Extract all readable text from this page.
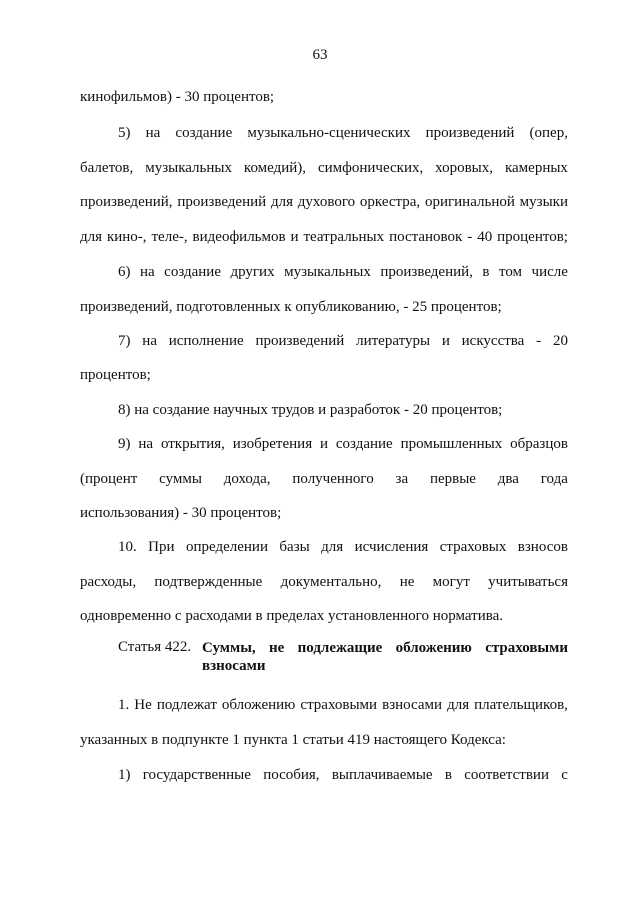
63
кинофильмов) - 30 процентов;
5) на создание музыкально-сценических произведений (опер,
балетов, музыкальных комедий), симфонических, хоровых, камерных
произведений, произведений для духового оркестра, оригинальной музыки
для кино-, теле-, видеофильмов и театральных постановок - 40 процентов;
6) на создание других музыкальных произведений, в том числе
произведений, подготовленных к опубликованию, - 25 процентов;
7) на исполнение произведений литературы и искусства - 20
процентов;
8) на создание научных трудов и разработок - 20 процентов;
9) на открытия, изобретения и создание промышленных образцов
(процент суммы дохода, полученного за первые два года
использования) - 30 процентов;
10. При определении базы для исчисления страховых взносов
расходы, подтвержденные документально, не могут учитываться
одновременно с расходами в пределах установленного норматива.
Статья 422. Суммы, не подлежащие обложению страховыми
взносами
1. Не подлежат обложению страховыми взносами для плательщиков,
указанных в подпункте 1 пункта 1 статьи 419 настоящего Кодекса:
1) государственные пособия, выплачиваемые в соответствии с
